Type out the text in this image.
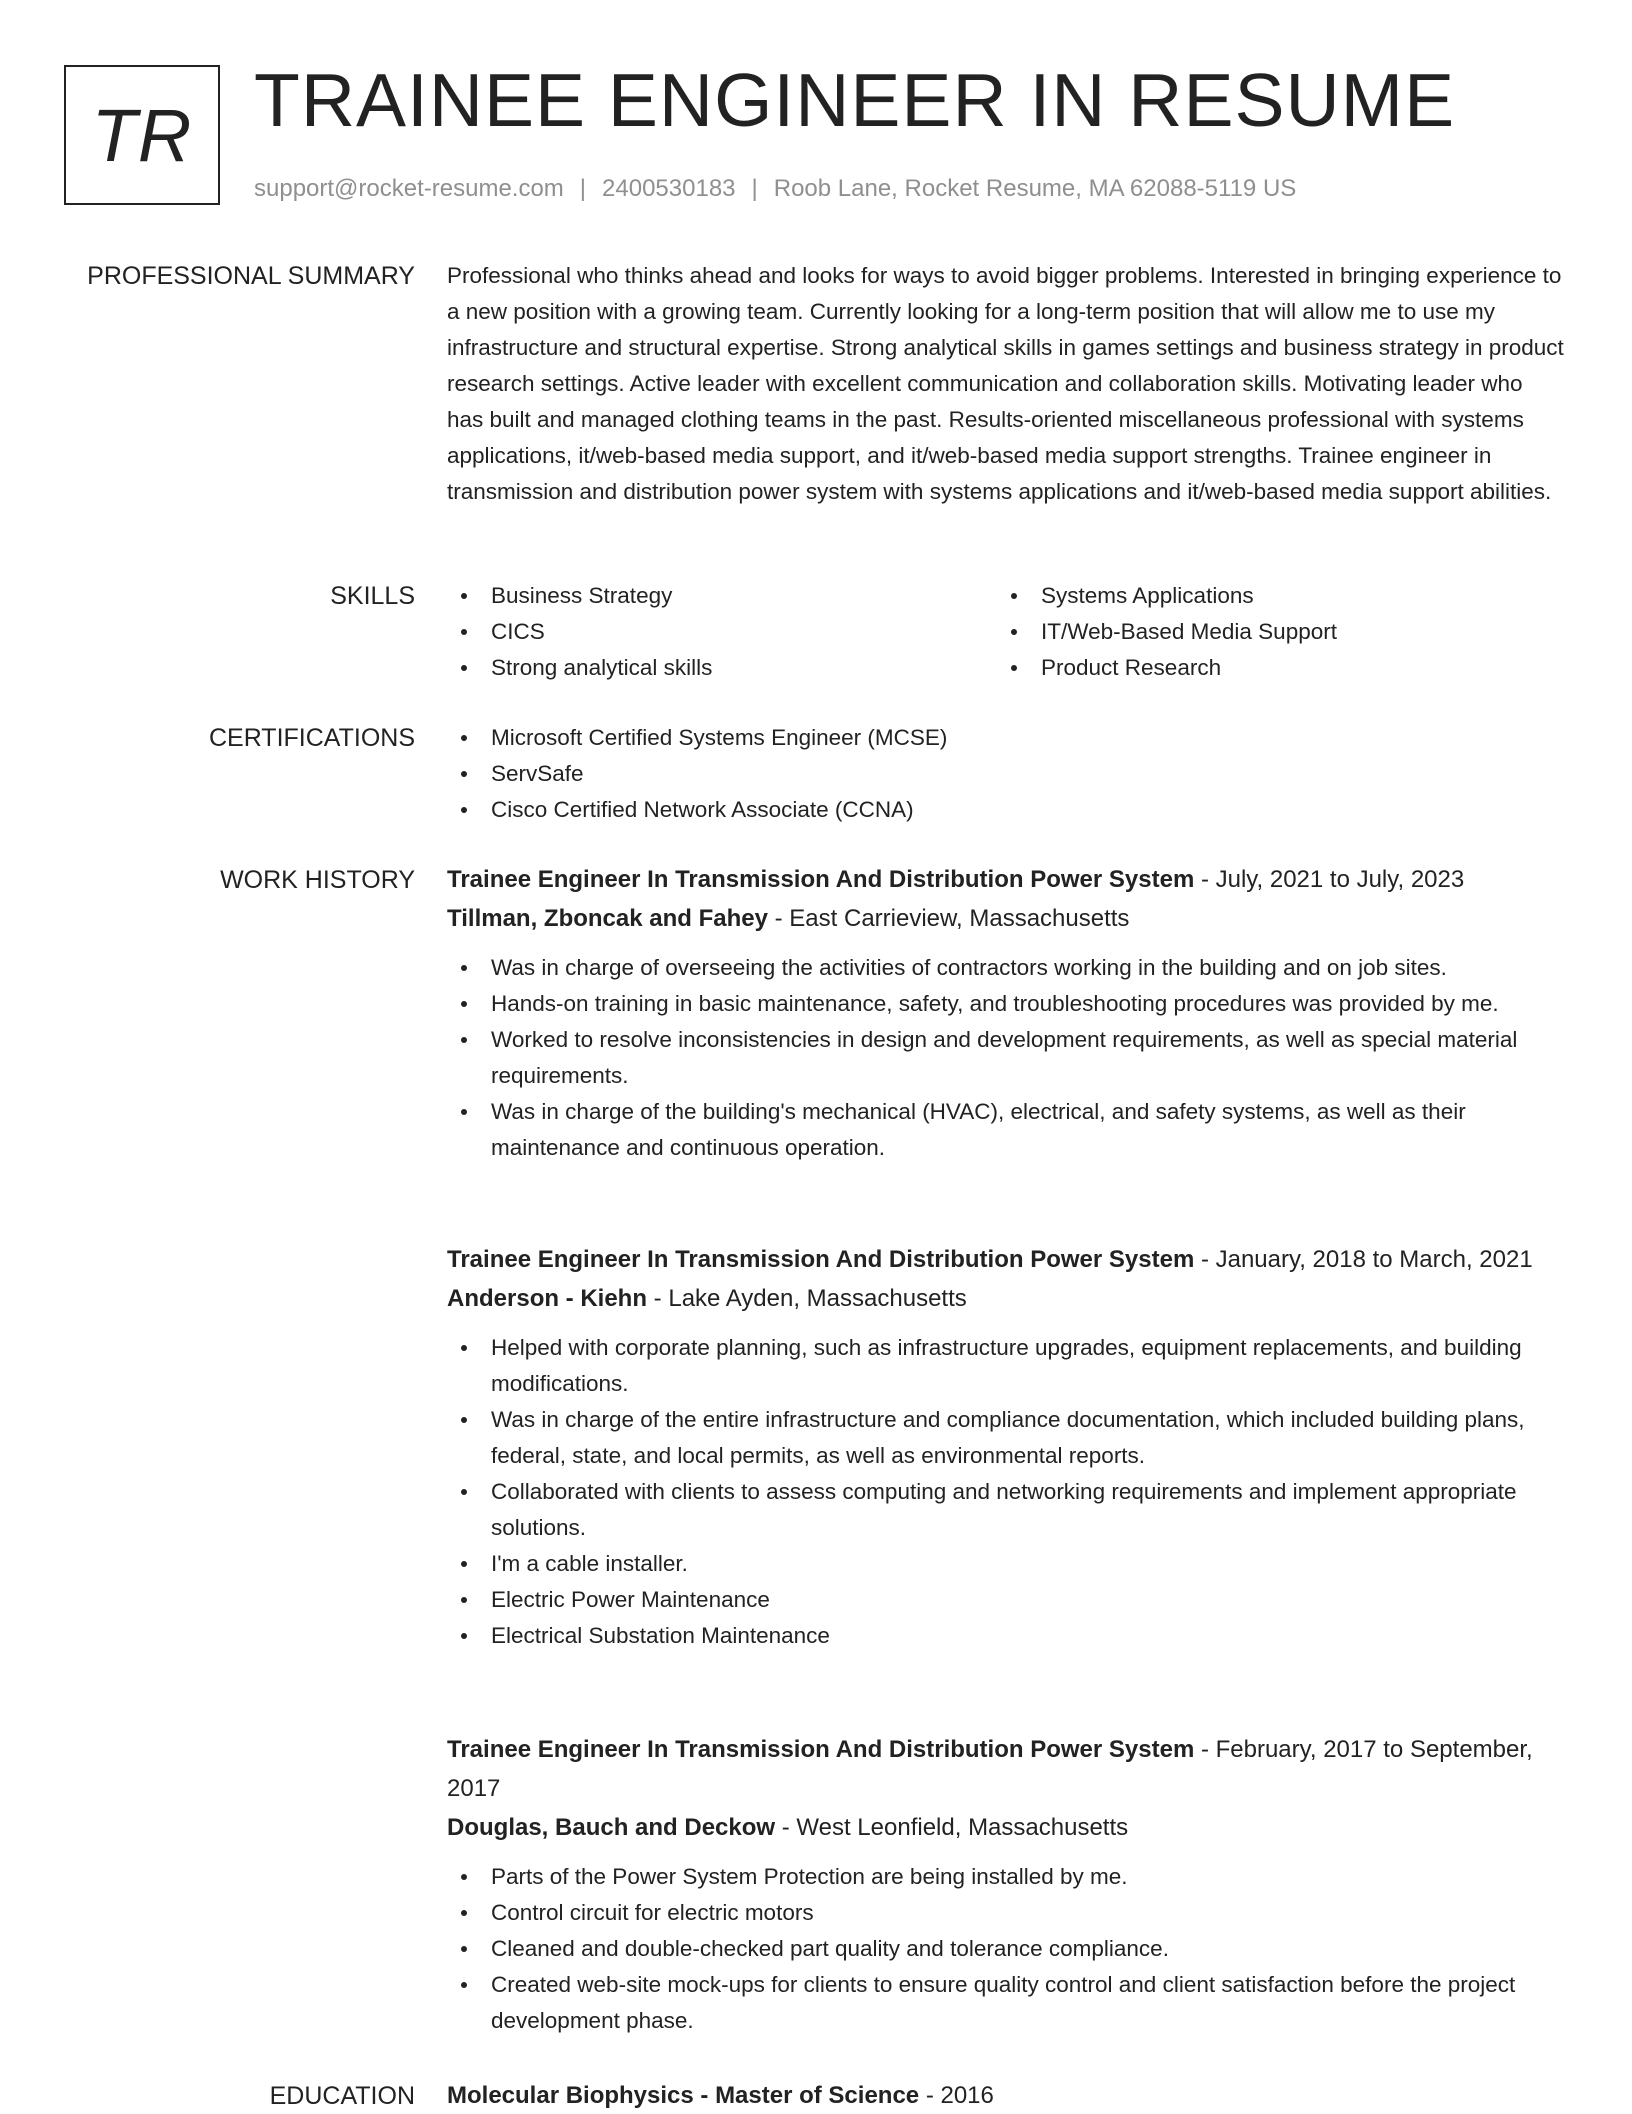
TR TRAINEE ENGINEER IN RESUME
support@rocket-resume.com | 2400530183 | Roob Lane, Rocket Resume, MA 62088-5119 US
PROFESSIONAL SUMMARY Professional who thinks ahead and looks for ways to avoid bigger problems. Interested in bringing experience to a new position with a growing team. Currently looking for a long-term position that will allow me to use my infrastructure and structural expertise. Strong analytical skills in games settings and business strategy in product research settings. Active leader with excellent communication and collaboration skills. Motivating leader who has built and managed clothing teams in the past. Results-oriented miscellaneous professional with systems applications, it/web-based media support, and it/web-based media support strengths. Trainee engineer in transmission and distribution power system with systems applications and it/web-based media support abilities.

SKILLS	Business Strategy
CICS
Strong analytical skills
Systems Applications
IT/Web-Based Media Support
Product Research
CERTIFICATIONS	Microsoft Certified Systems Engineer (MCSE)
ServSafe
Cisco Certified Network Associate (CCNA)
WORK HISTORY Trainee Engineer In Transmission And Distribution Power System - July, 2021 to July, 2023
Tillman, Zboncak and Fahey - East Carrieview, Massachusetts
Was in charge of overseeing the activities of contractors working in the building and on job sites.
Hands-on training in basic maintenance, safety, and troubleshooting procedures was provided by me.
Worked to resolve inconsistencies in design and development requirements, as well as special material requirements.
Was in charge of the building's mechanical (HVAC), electrical, and safety systems, as well as their maintenance and continuous operation.
Trainee Engineer In Transmission And Distribution Power System - January, 2018 to March, 2021
Anderson - Kiehn - Lake Ayden, Massachusetts
Helped with corporate planning, such as infrastructure upgrades, equipment replacements, and building modifications.
Was in charge of the entire infrastructure and compliance documentation, which included building plans, federal, state, and local permits, as well as environmental reports.
Collaborated with clients to assess computing and networking requirements and implement appropriate solutions.
I'm a cable installer.
Electric Power Maintenance
Electrical Substation Maintenance
Trainee Engineer In Transmission And Distribution Power System - February, 2017 to September, 2017
Douglas, Bauch and Deckow - West Leonfield, Massachusetts
Parts of the Power System Protection are being installed by me.
Control circuit for electric motors
Cleaned and double-checked part quality and tolerance compliance.
Created web-site mock-ups for clients to ensure quality control and client satisfaction before the project development phase.
EDUCATION Molecular Biophysics - Master of Science - 2016
